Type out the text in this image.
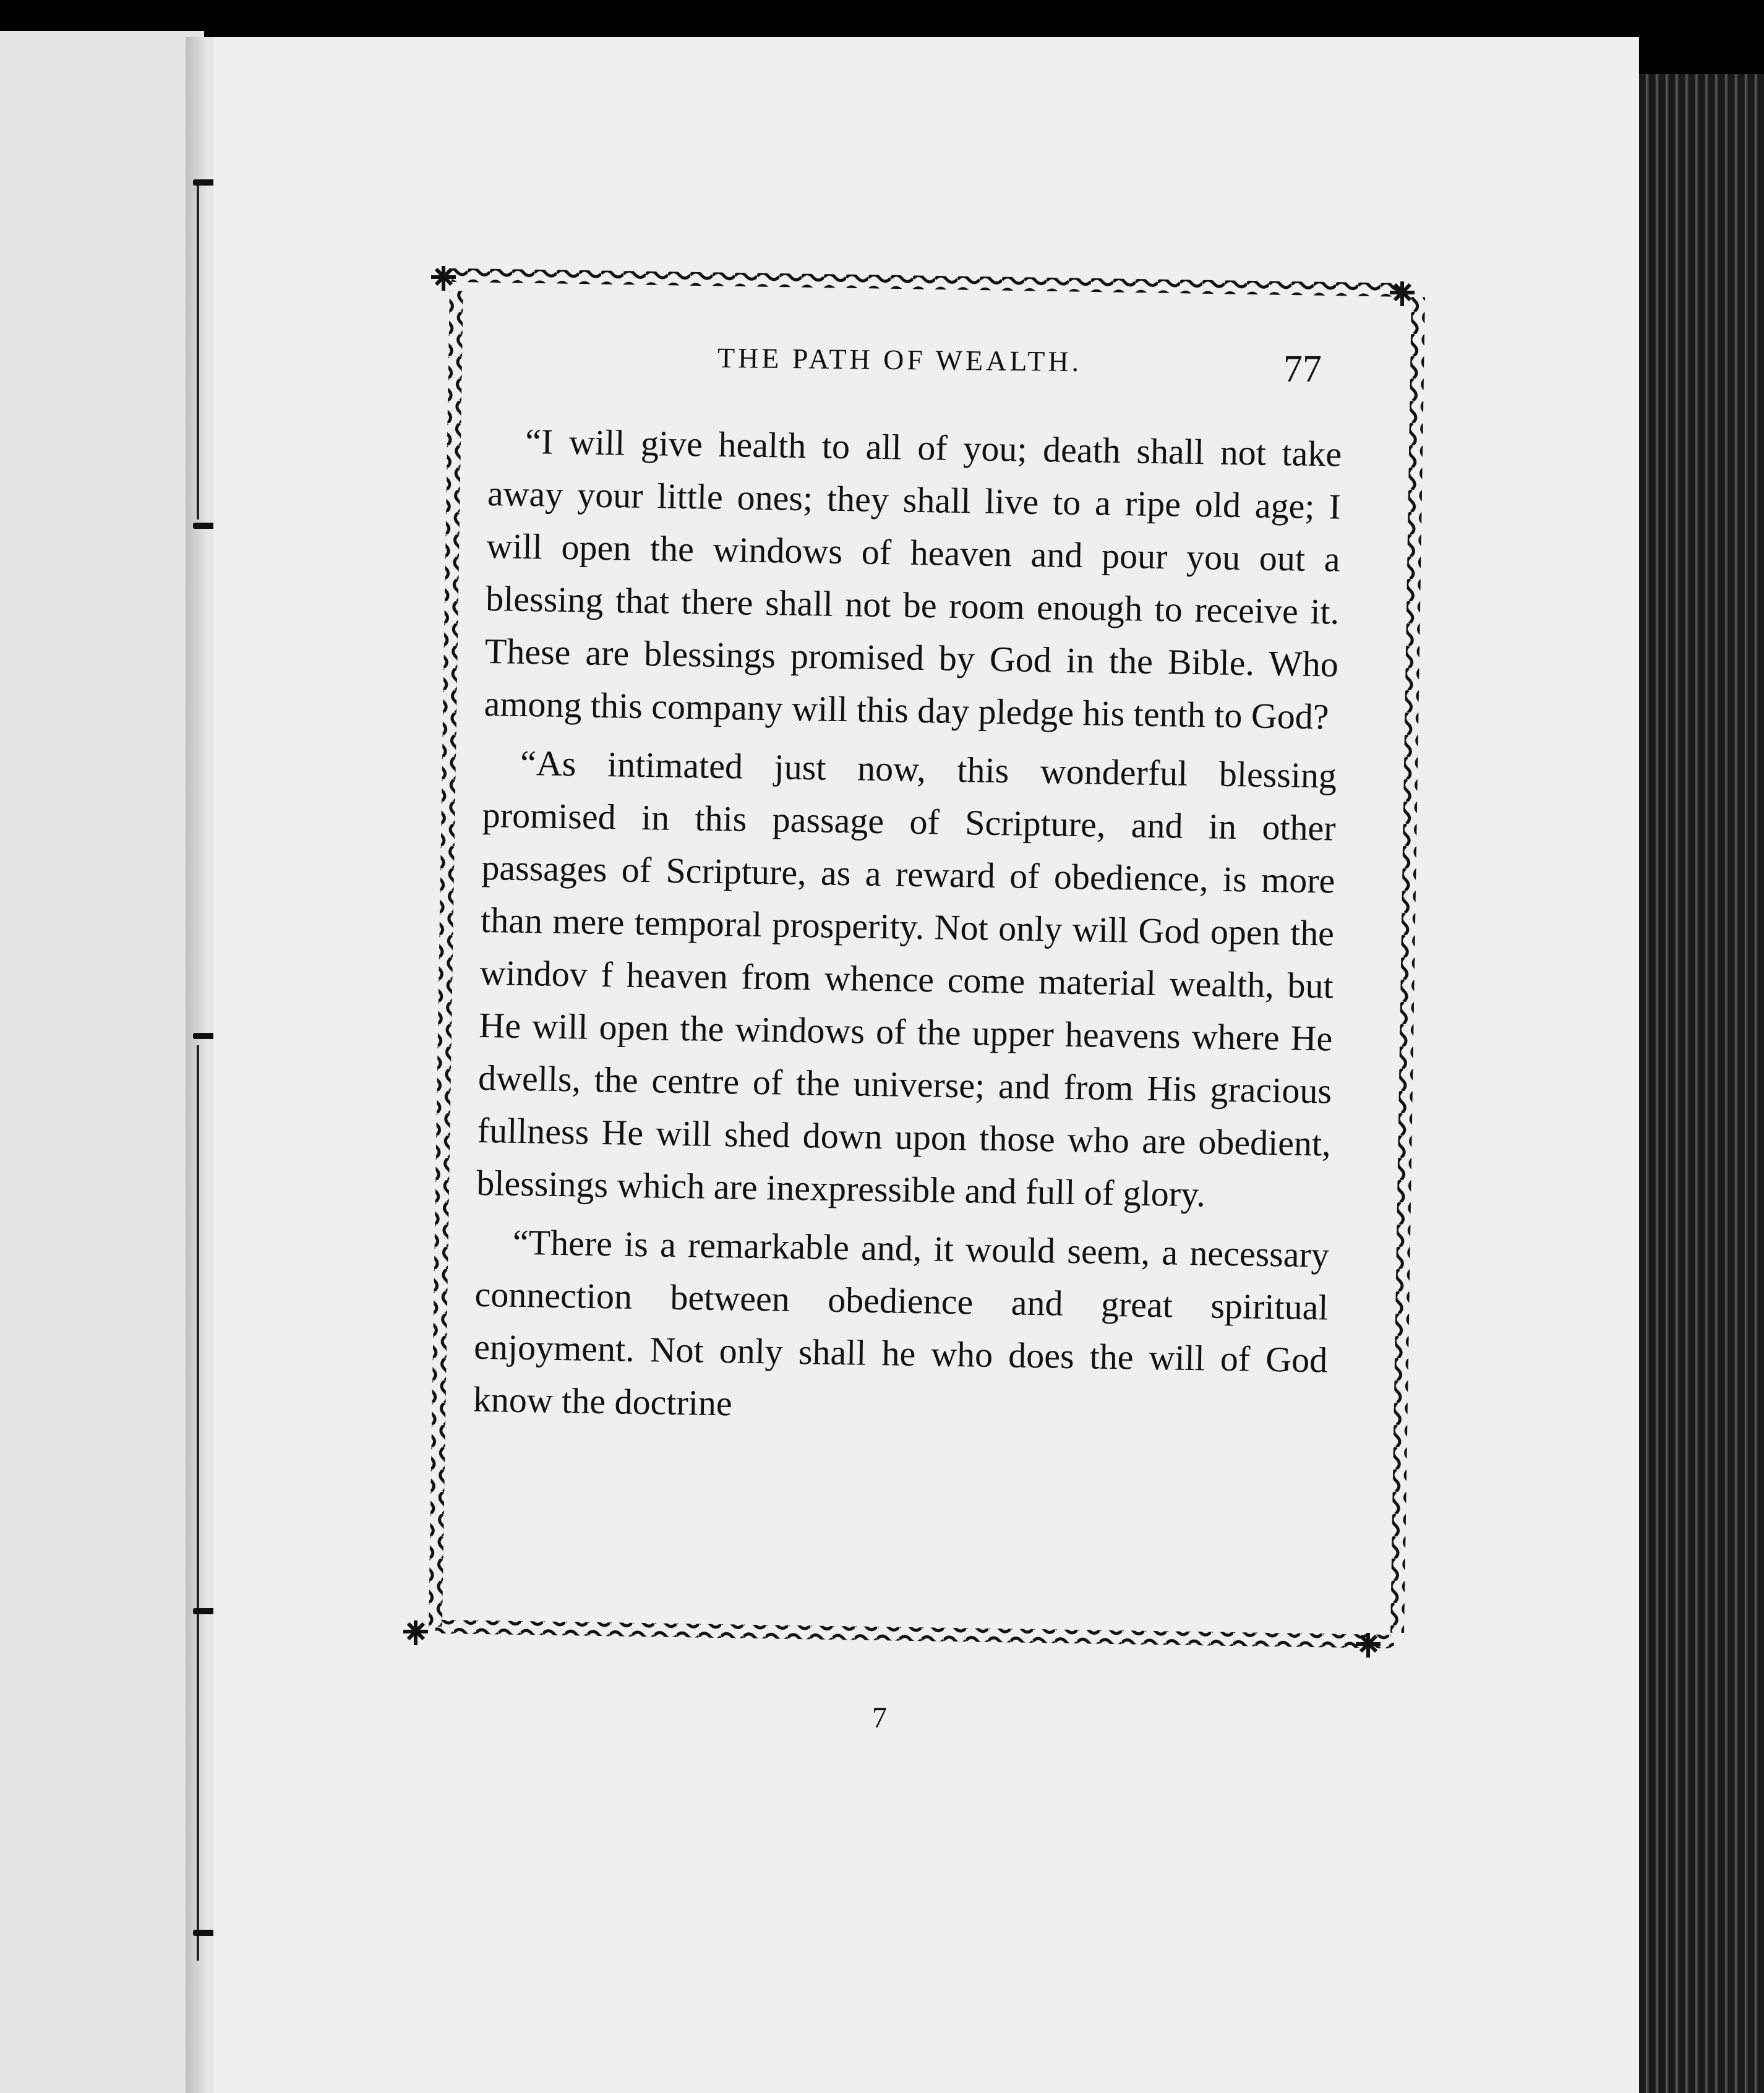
THE PATH OF WEALTH.	77

“I will give health to all of you; death shall not take away your little ones; they shall live to a ripe old age; I will open the windows of heaven and pour you out a blessing that there shall not be room enough to receive it. These are blessings promised by God in the Bible. Who among this company will this day pledge his tenth to God?

“As intimated just now, this wonderful blessing promised in this passage of Scripture, and in other passages of Scripture, as a reward of obedience, is more than mere temporal prosperity. Not only will God open the windov f heaven from whence come material wealth, but He will open the windows of the upper heavens where He dwells, the centre of the universe; and from His gracious fullness He will shed down upon those who are obedient, blessings which are inexpressible and full of glory.

“There is a remarkable and, it would seem, a necessary connection between obedience and great spiritual enjoyment. Not only shall he who does the will of God know the doctrine

7
